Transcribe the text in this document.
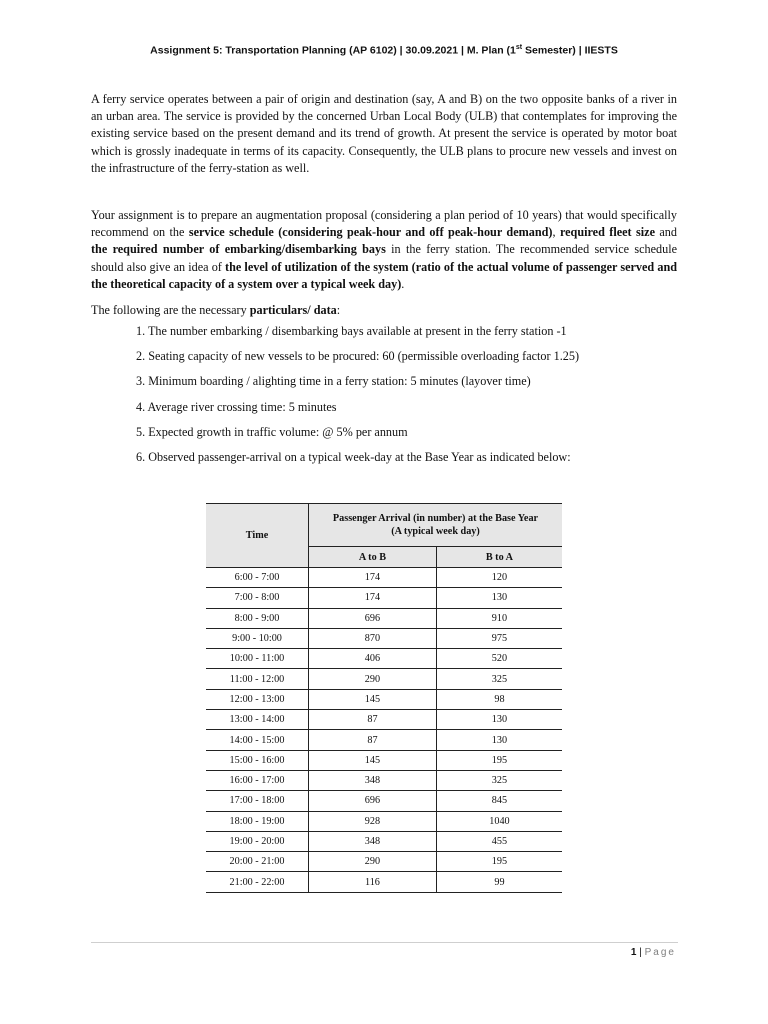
Assignment 5: Transportation Planning (AP 6102) | 30.09.2021 | M. Plan (1st Semester) | IIESTS

A ferry service operates between a pair of origin and destination (say, A and B) on the two opposite banks of a river in an urban area. The service is provided by the concerned Urban Local Body (ULB) that contemplates for improving the existing service based on the present demand and its trend of growth. At present the service is operated by motor boat which is grossly inadequate in terms of its capacity. Consequently, the ULB plans to procure new vessels and invest on the infrastructure of the ferry-station as well.

Your assignment is to prepare an augmentation proposal (considering a plan period of 10 years) that would specifically recommend on the service schedule (considering peak-hour and off peak-hour demand), required fleet size and the required number of embarking/disembarking bays in the ferry station. The recommended service schedule should also give an idea of the level of utilization of the system (ratio of the actual volume of passenger served and the theoretical capacity of a system over a typical week day).

The following are the necessary particulars/ data:

1. The number embarking / disembarking bays available at present in the ferry station -1
2. Seating capacity of new vessels to be procured: 60 (permissible overloading factor 1.25)
3. Minimum boarding / alighting time in a ferry station: 5 minutes (layover time)
4. Average river crossing time: 5 minutes
5. Expected growth in traffic volume: @ 5% per annum
6. Observed passenger-arrival on a typical week-day at the Base Year as indicated below:
Time	Passenger Arrival (in number) at the Base Year
(A typical week day)	
	A to B	B to A
6:00 - 7:00	174	120
7:00 - 8:00	174	130
8:00 - 9:00	696	910
9:00 - 10:00	870	975
10:00 - 11:00	406	520
11:00 - 12:00	290	325
12:00 - 13:00	145	98
13:00 - 14:00	87	130
14:00 - 15:00	87	130
15:00 - 16:00	145	195
16:00 - 17:00	348	325
17:00 - 18:00	696	845
18:00 - 19:00	928	1040
19:00 - 20:00	348	455
20:00 - 21:00	290	195
21:00 - 22:00	116	99
1 | Page
